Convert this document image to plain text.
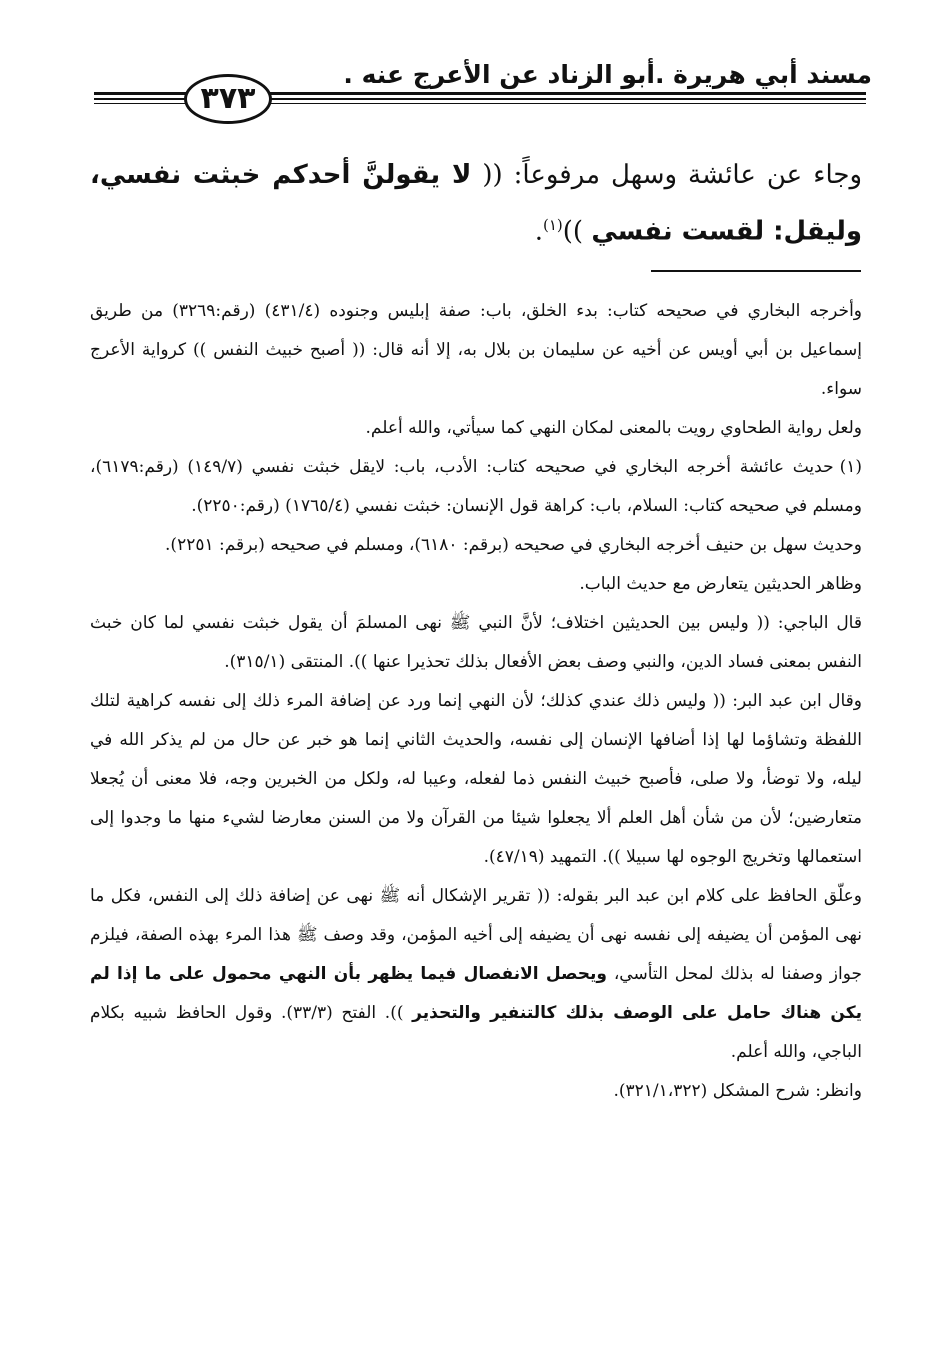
مسند أبي هريرة .أبو الزناد عن الأعرج عنه .
٣٧٣
وجاء عن عائشة وسهل مرفوعاً: (( لا يقولنَّ أحدكم خبثت نفسي، وليقل: لقست نفسي ))$^{(١)}$.

وأخرجه البخاري في صحيحه كتاب: بدء الخلق، باب: صفة إبليس وجنوده (٤٣١/٤) (رقم:٣٢٦٩) من طريق إسماعيل بن أبي أويس عن أخيه عن سليمان بن بلال به، إلا أنه قال: (( أصبح خبيث النفس )) كرواية الأعرج سواء.

ولعل رواية الطحاوي رويت بالمعنى لمكان النهي كما سيأتي، والله أعلم.

(١)حديث عائشة أخرجه البخاري في صحيحه كتاب: الأدب، باب: لايقل خبثت نفسي (١٤٩/٧) (رقم:٦١٧٩)، ومسلم في صحيحه كتاب: السلام، باب: كراهة قول الإنسان: خبثت نفسي (١٧٦٥/٤) (رقم:٢٢٥٠).

وحديث سهل بن حنيف أخرجه البخاري في صحيحه (برقم: ٦١٨٠)، ومسلم في صحيحه (برقم: ٢٢٥١).

وظاهر الحديثين يتعارض مع حديث الباب.

قال الباجي: (( وليس بين الحديثين اختلاف؛ لأنَّ النبي ﷺ نهى المسلمَ أن يقول خبثت نفسي لما كان خبث النفس بمعنى فساد الدين، والنبي وصف بعض الأفعال بذلك تحذيرا عنها )). المنتقى (٣١٥/١).

وقال ابن عبد البر: (( وليس ذلك عندي كذلك؛ لأن النهي إنما ورد عن إضافة المرء ذلك إلى نفسه كراهية لتلك اللفظة وتشاؤما لها إذا أضافها الإنسان إلى نفسه، والحديث الثاني إنما هو خبر عن حال من لم يذكر الله في ليله، ولا توضأ، ولا صلى، فأصبح خبيث النفس ذما لفعله، وعيبا له، ولكل من الخبرين وجه، فلا معنى أن يُجعلا متعارضين؛ لأن من شأن أهل العلم ألا يجعلوا شيئا من القرآن ولا من السنن معارضا لشيء منها ما وجدوا إلى استعمالها وتخريج الوجوه لها سبيلا )). التمهيد (٤٧/١٩).

وعلّق الحافظ على كلام ابن عبد البر بقوله: (( تقرير الإشكال أنه ﷺ نهى عن إضافة ذلك إلى النفس، فكل ما نهى المؤمن أن يضيفه إلى نفسه نهى أن يضيفه إلى أخيه المؤمن، وقد وصف ﷺ هذا المرء بهذه الصفة، فيلزم جواز وصفنا له بذلك لمحل التأسي، ويحصل الانفصال فيما يظهر بأن النهي محمول على ما إذا لم يكن هناك حامل على الوصف بذلك كالتنفير والتحذير )). الفتح (٣٣/٣). وقول الحافظ شبيه بكلام الباجي، والله أعلم.

وانظر: شرح المشكل (٣٢١/١،٣٢٢).
